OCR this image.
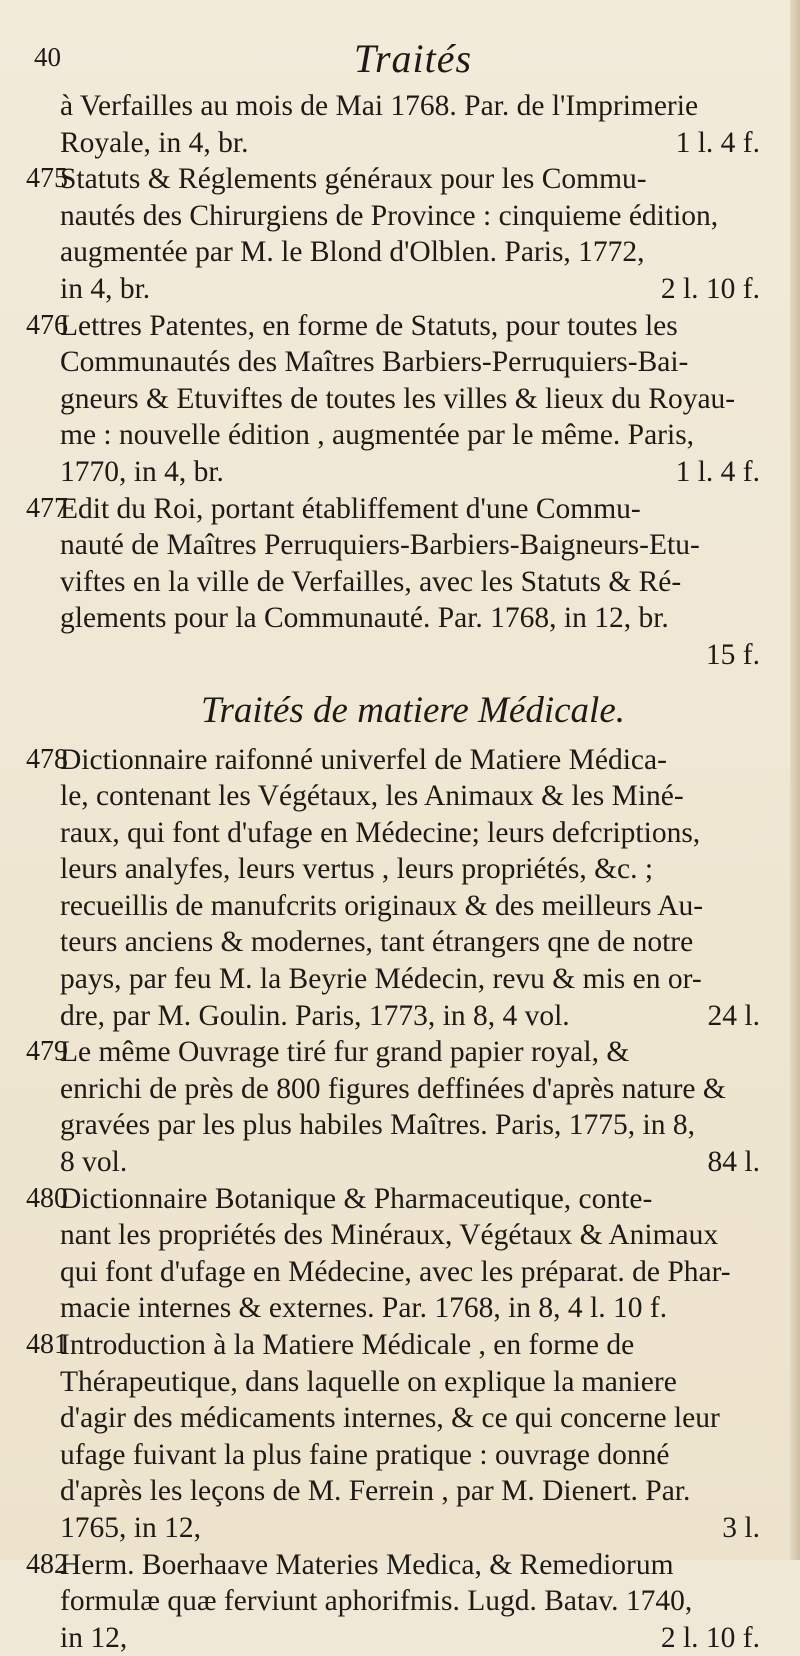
40	Traités
à Verfailles au mois de Mai 1768. Par. de l'Imprimerie
Royale, in 4, br.	1 l. 4 f.
475
Statuts & Réglements généraux pour les Commu-
nautés des Chirurgiens de Province : cinquieme édition,
augmentée par M. le Blond d'Olblen. Paris, 1772,
in 4, br.	2 l. 10 f.
476
Lettres Patentes, en forme de Statuts, pour toutes les
Communautés des Maîtres Barbiers-Perruquiers-Bai-
gneurs & Etuviftes de toutes les villes & lieux du Royau-
me : nouvelle édition , augmentée par le même. Paris,
1770, in 4, br.	1 l. 4 f.
477
Edit du Roi, portant établiffement d'une Commu-
nauté de Maîtres Perruquiers-Barbiers-Baigneurs-Etu-
viftes en la ville de Verfailles, avec les Statuts & Ré-
glements pour la Communauté. Par. 1768, in 12, br.
15 f.
Traités de matiere Médicale.
478
Dictionnaire raifonné univerfel de Matiere Médica-
le, contenant les Végétaux, les Animaux & les Miné-
raux, qui font d'ufage en Médecine; leurs defcriptions,
leurs analyfes, leurs vertus , leurs propriétés, &c. ;
recueillis de manufcrits originaux & des meilleurs Au-
teurs anciens & modernes, tant étrangers qne de notre
pays, par feu M. la Beyrie Médecin, revu & mis en or-
dre, par M. Goulin. Paris, 1773, in 8, 4 vol.	24 l.
479
Le même Ouvrage tiré fur grand papier royal, &
enrichi de près de 800 figures deffinées d'après nature &
gravées par les plus habiles Maîtres. Paris, 1775, in 8,
8 vol.	84 l.
480
Dictionnaire Botanique & Pharmaceutique, conte-
nant les propriétés des Minéraux, Végétaux & Animaux
qui font d'ufage en Médecine, avec les préparat. de Phar-
macie internes & externes. Par. 1768, in 8, 4 l. 10 f.
481
Introduction à la Matiere Médicale , en forme de
Thérapeutique, dans laquelle on explique la maniere
d'agir des médicaments internes, & ce qui concerne leur
ufage fuivant la plus faine pratique : ouvrage donné
d'après les leçons de M. Ferrein , par M. Dienert. Par.
1765, in 12,	3 l.
482
Herm. Boerhaave Materies Medica, & Remediorum
formulæ quæ ferviunt aphorifmis. Lugd. Batav. 1740,
in 12,	2 l. 10 f.
